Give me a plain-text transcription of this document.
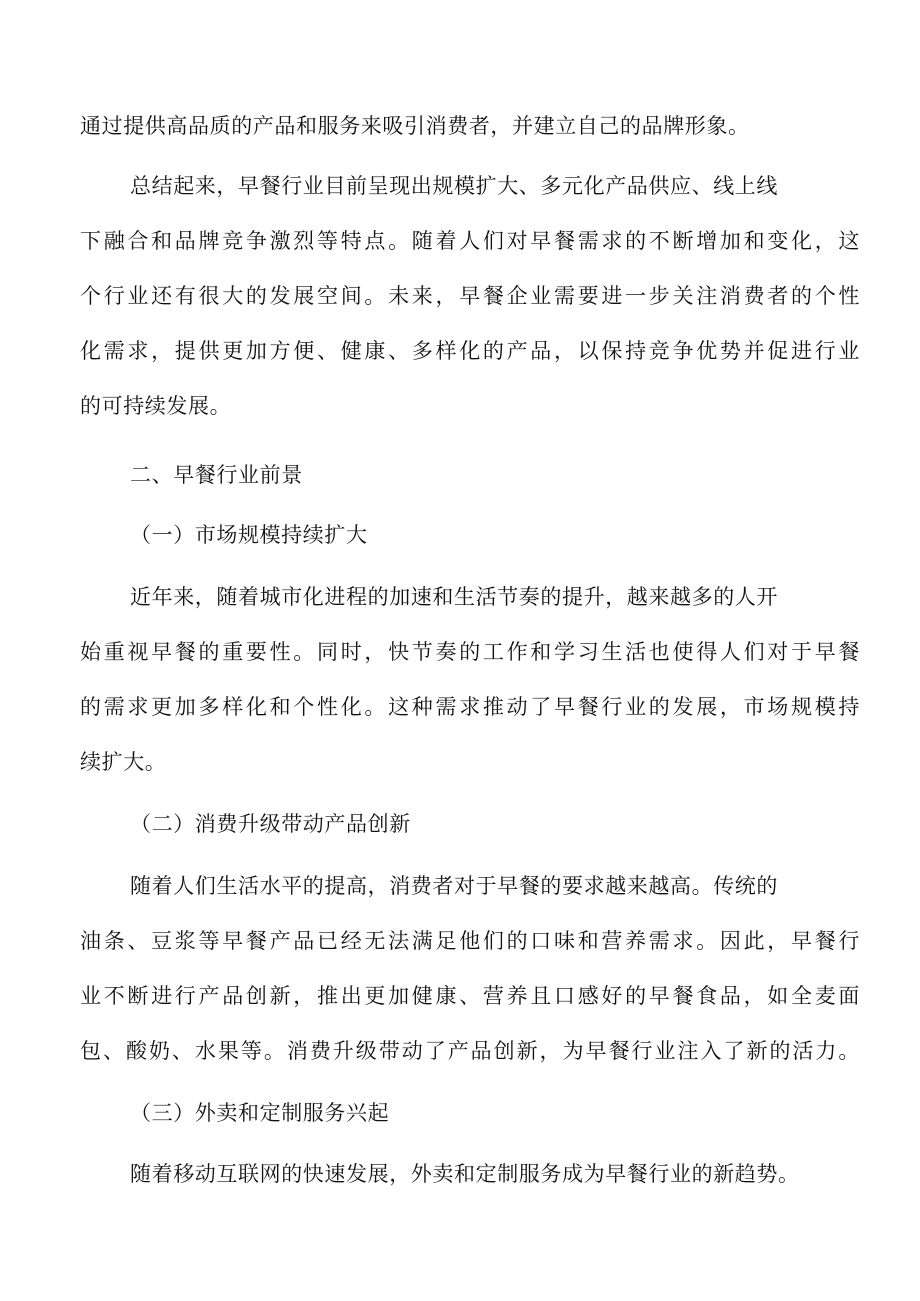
通过提供高品质的产品和服务来吸引消费者，并建立自己的品牌形象。
总结起来，早餐行业目前呈现出规模扩大、多元化产品供应、线上线
下融合和品牌竞争激烈等特点。随着人们对早餐需求的不断增加和变化，这
个行业还有很大的发展空间。未来，早餐企业需要进一步关注消费者的个性
化需求，提供更加方便、健康、多样化的产品，以保持竞争优势并促进行业
的可持续发展。
二、早餐行业前景
（一）市场规模持续扩大
近年来，随着城市化进程的加速和生活节奏的提升，越来越多的人开
始重视早餐的重要性。同时，快节奏的工作和学习生活也使得人们对于早餐
的需求更加多样化和个性化。这种需求推动了早餐行业的发展，市场规模持
续扩大。
（二）消费升级带动产品创新
随着人们生活水平的提高，消费者对于早餐的要求越来越高。传统的
油条、豆浆等早餐产品已经无法满足他们的口味和营养需求。因此，早餐行
业不断进行产品创新，推出更加健康、营养且口感好的早餐食品，如全麦面
包、酸奶、水果等。消费升级带动了产品创新，为早餐行业注入了新的活力。
（三）外卖和定制服务兴起
随着移动互联网的快速发展，外卖和定制服务成为早餐行业的新趋势。
